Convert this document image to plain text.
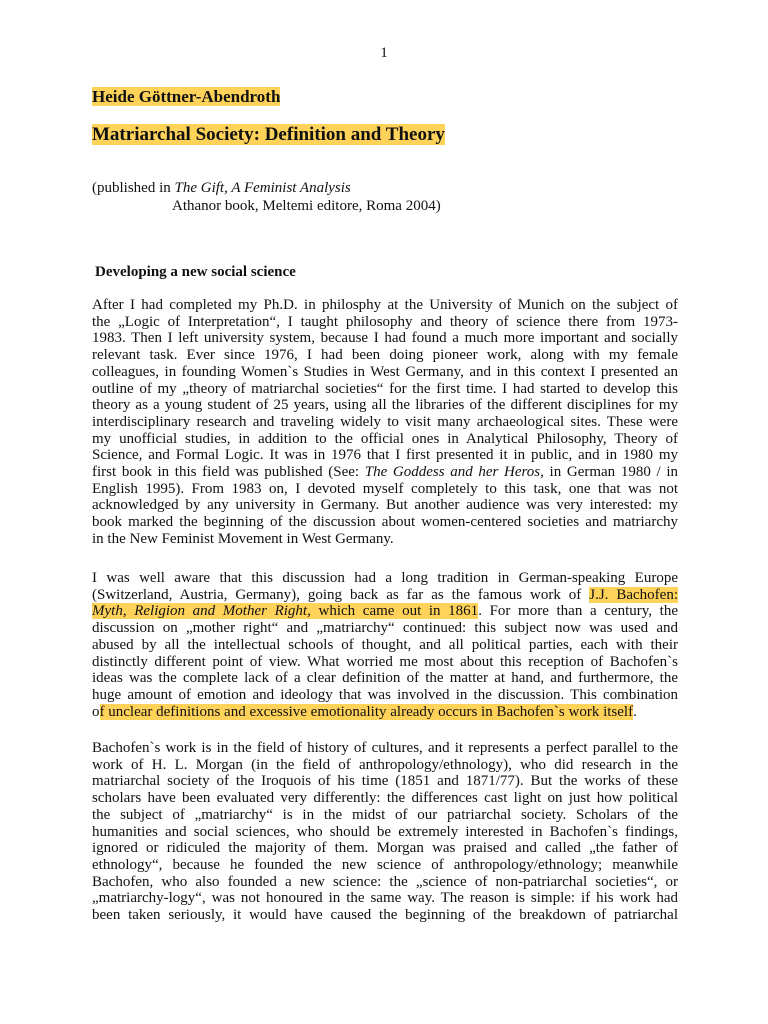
1
Heide Göttner-Abendroth
Matriarchal Society: Definition and Theory
(published in The Gift, A Feminist Analysis
Athanor book, Meltemi editore, Roma 2004)
Developing a new social science
After I had completed my Ph.D. in philosphy at the University of Munich on the subject of
the „Logic of Interpretation“, I taught philosophy and theory of science there from 1973-
1983. Then I left university system, because I had found a much more important and socially
relevant task. Ever since 1976, I had been doing pioneer work, along with my female
colleagues, in founding Women`s Studies in West Germany, and in this context I presented an
outline of my „theory of matriarchal societies“ for the first time. I had started to develop this
theory as a young student of 25 years, using all the libraries of the different disciplines for my
interdisciplinary research and traveling widely to visit many archaeological sites. These were
my unofficial studies, in addition to the official ones in Analytical Philosophy, Theory of
Science, and Formal Logic. It was in 1976 that I first presented it in public, and in 1980 my
first book in this field was published (See: The Goddess and her Heros, in German 1980 / in
English 1995). From 1983 on, I devoted myself completely to this task, one that was not
acknowledged by any university in Germany. But another audience was very interested: my
book marked the beginning of the discussion about women-centered societies and matriarchy
in the New Feminist Movement in West Germany.
I was well aware that this discussion had a long tradition in German-speaking Europe
(Switzerland, Austria, Germany), going back as far as the famous work of J.J. Bachofen:
Myth, Religion and Mother Right, which came out in 1861. For more than a century, the
discussion on „mother right“ and „matriarchy“ continued: this subject now was used and
abused by all the intellectual schools of thought, and all political parties, each with their
distinctly different point of view. What worried me most about this reception of Bachofen`s
ideas was the complete lack of a clear definition of the matter at hand, and furthermore, the
huge amount of emotion and ideology that was involved in the discussion. This combination
of unclear definitions and excessive emotionality already occurs in Bachofen`s work itself.
Bachofen`s work is in the field of history of cultures, and it represents a perfect parallel to the
work of H. L. Morgan (in the field of anthropology/ethnology), who did research in the
matriarchal society of the Iroquois of his time (1851 and 1871/77). But the works of these
scholars have been evaluated very differently: the differences cast light on just how political
the subject of „matriarchy“ is in the midst of our patriarchal society. Scholars of the
humanities and social sciences, who should be extremely interested in Bachofen`s findings,
ignored or ridiculed the majority of them. Morgan was praised and called „the father of
ethnology“, because he founded the new science of anthropology/ethnology; meanwhile
Bachofen, who also founded a new science: the „science of non-patriarchal societies“, or
„matriarchy-logy“, was not honoured in the same way. The reason is simple: if his work had
been taken seriously, it would have caused the beginning of the breakdown of patriarchal
